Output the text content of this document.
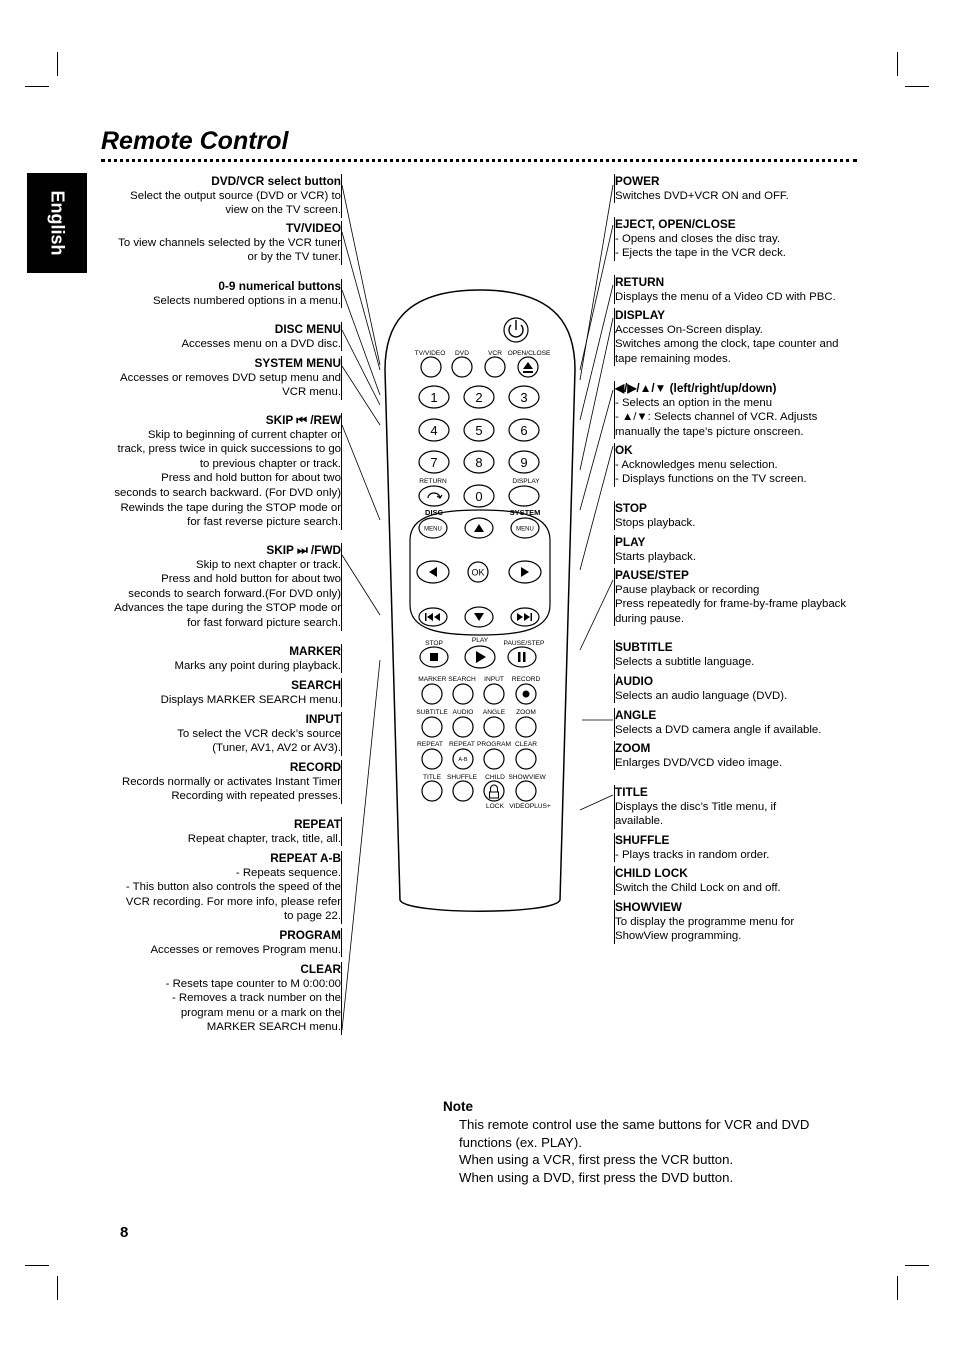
Remote Control
English
DVD/VCR select button
Select the output source (DVD or VCR) to
view on the TV screen.
TV/VIDEO
To view channels selected by the VCR tuner
or by the TV tuner.
0-9 numerical buttons
Selects numbered options in a menu.
DISC MENU
Accesses menu on a DVD disc.
SYSTEM MENU
Accesses or removes DVD setup menu and
VCR menu.
SKIP ⏮ /REW
Skip to beginning of current chapter or
track, press twice in quick successions to go
to previous chapter or track.
Press and hold button for about two
seconds to search backward. (For DVD only)
Rewinds the tape during the STOP mode or
for fast reverse picture search.
SKIP ⏭ /FWD
Skip to next chapter or track.
Press and hold button for about two
seconds to search forward.(For DVD only)
Advances the tape during the STOP mode or
for fast forward picture search.
MARKER
Marks any point during playback.
SEARCH
Displays MARKER SEARCH menu.
INPUT
To select the VCR deck’s source
(Tuner, AV1, AV2 or AV3).
RECORD
Records normally or activates Instant Timer
Recording with repeated presses.
REPEAT
Repeat chapter, track, title, all.
REPEAT A-B
- Repeats sequence.
- This button also controls the speed of the
VCR recording. For more info, please refer
to page 22.
PROGRAM
Accesses or removes Program menu.
CLEAR
- Resets tape counter to M 0:00:00
- Removes a track number on the
program menu or a mark on the
MARKER SEARCH menu.
POWER
Switches DVD+VCR ON and OFF.
EJECT, OPEN/CLOSE
- Opens and closes the disc tray.
- Ejects the tape in the VCR deck.
RETURN
Displays the menu of a Video CD with PBC.
DISPLAY
Accesses On-Screen display.
Switches among the clock, tape counter and
tape remaining modes.
◀/▶/▲/▼ (left/right/up/down)
- Selects an option in the menu
- ▲/▼: Selects channel of VCR. Adjusts
manually the tape’s picture onscreen.
OK
- Acknowledges menu selection.
- Displays functions on the TV screen.
STOP
Stops playback.
PLAY
Starts playback.
PAUSE/STEP
Pause playback or recording
Press repeatedly for frame-by-frame playback
during pause.
SUBTITLE
Selects a subtitle language.
AUDIO
Selects an audio language (DVD).
ANGLE
Selects a DVD camera angle if available.
ZOOM
Enlarges DVD/VCD video image.
TITLE
Displays the disc’s Title menu, if
available.
SHUFFLE
- Plays tracks in random order.
CHILD LOCK
Switch the Child Lock on and off.
SHOWVIEW
To display the programme menu for
ShowView programming.
TV/VIDEO DVD	VCR OPEN/CLOSE
RETURN	DISPLAY
DISC	SYSTEM
MENU	MENU
OK
STOP	PLAY PAUSE/STEP
MARKER SEARCH INPUT RECORD
SUBTITLE AUDIO ANGLE ZOOM
REPEAT REPEAT PROGRAM CLEAR
A-B
TITLE SHUFFLE CHILD SHOWVIEW
LOCK VIDEOPLUS+
1	2	3
4	5	6
7	8	9
0
Note
This remote control use the same buttons for VCR and DVD
functions (ex. PLAY).
When using a VCR, first press the VCR button.
When using a DVD, first press the DVD button.
8
